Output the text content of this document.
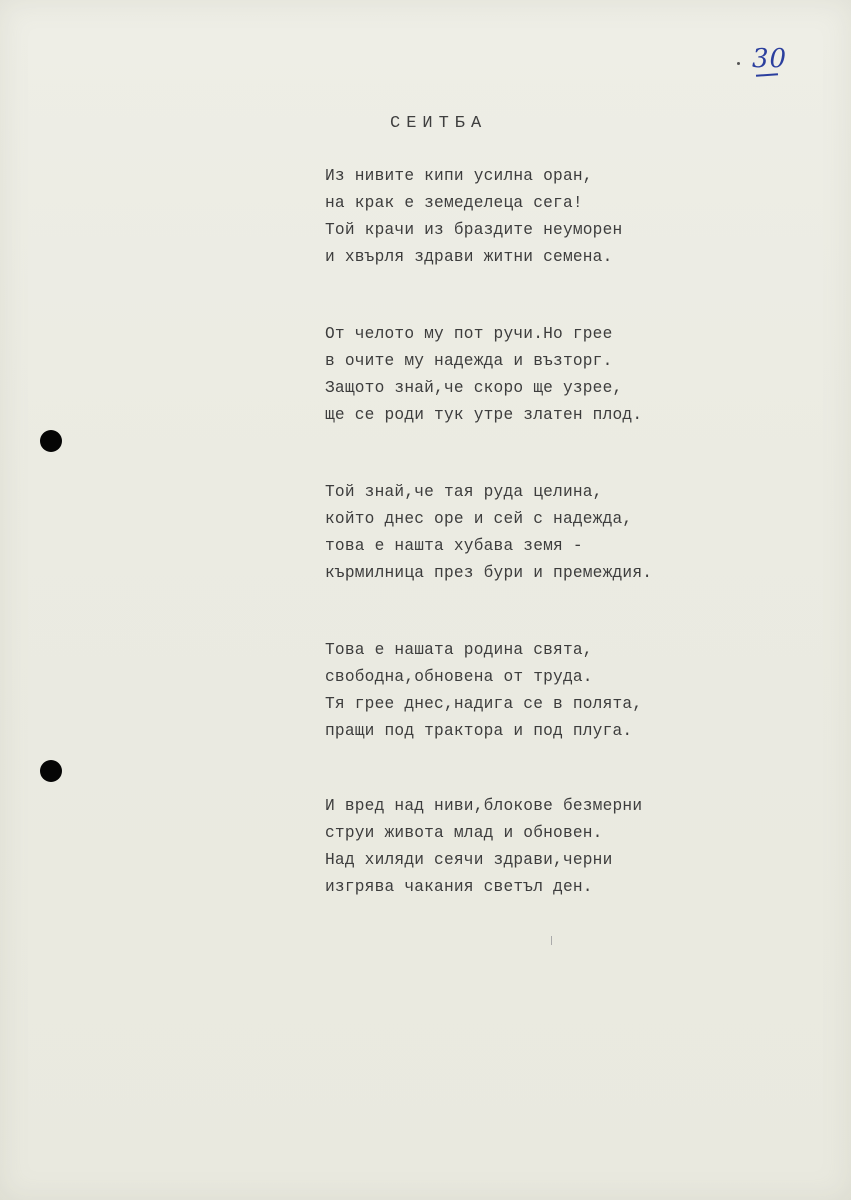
30
СЕИТБА
Из нивите кипи усилна оран,
на крак е земеделеца сега!
Той крачи из браздите неуморен
и хвърля здрави житни семена.
От челото му пот ручи.Но грее
в очите му надежда и възторг.
Защото знай,че скоро ще узрее,
ще се роди тук утре златен плод.
Той знай,че тая руда целина,
който днес оре и сей с надежда,
това е нашта хубава земя -
кърмилница през бури и премеждия.
Това е нашата родина свята,
свободна,обновена от труда.
Тя грее днес,надига се в полята,
пращи под трактора и под плуга.
И вред над ниви,блокове безмерни
струи живота млад и обновен.
Над хиляди сеячи здрави,черни
изгрява чакания светъл ден.
